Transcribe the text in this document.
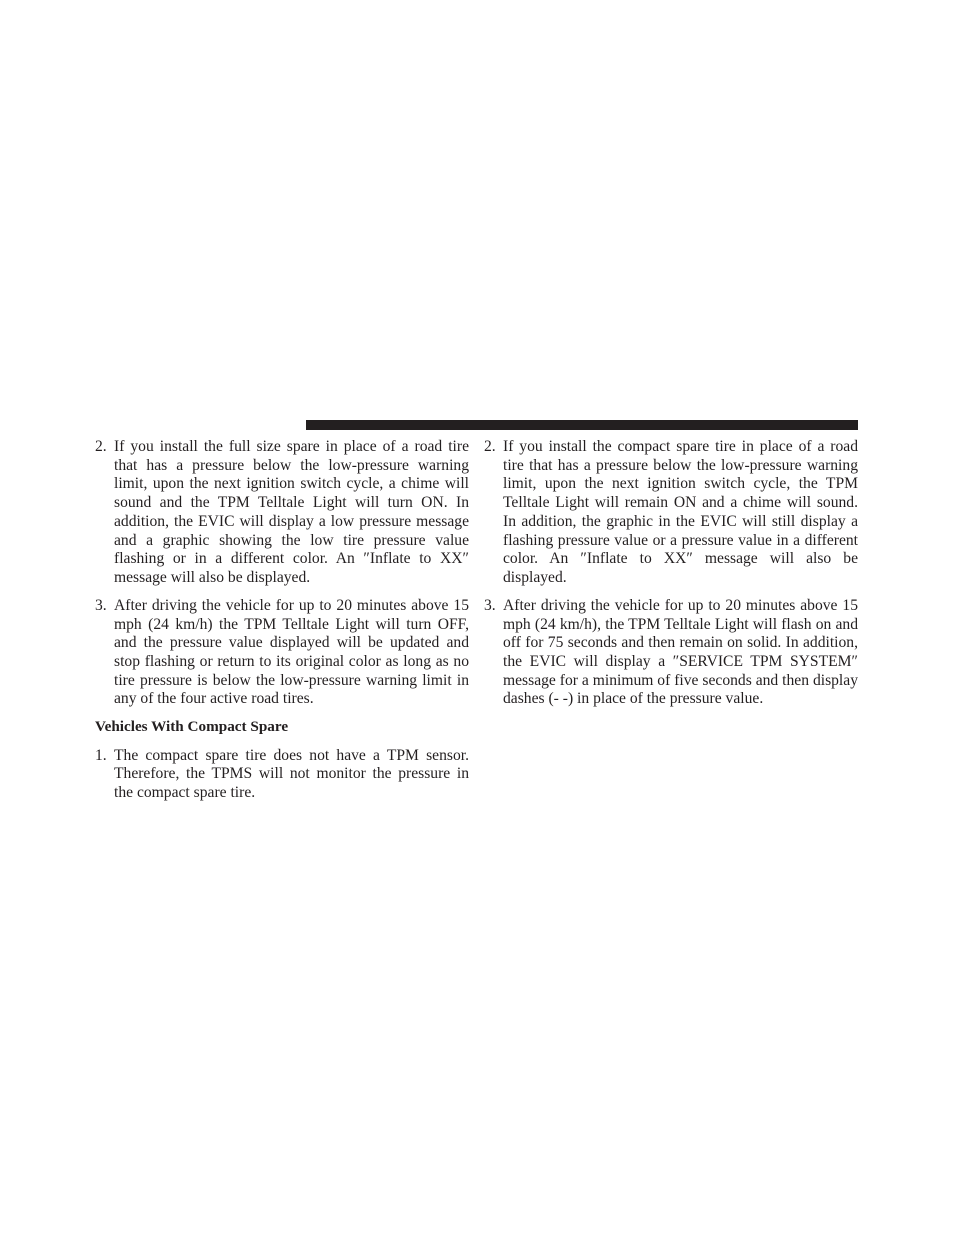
2. If you install the full size spare in place of a road tire that has a pressure below the low-pressure warning limit, upon the next ignition switch cycle, a chime will sound and the TPM Telltale Light will turn ON. In addition, the EVIC will display a low pressure message and a graphic showing the low tire pressure value flashing or in a different color. An ″Inflate to XX″ message will also be displayed.
3. After driving the vehicle for up to 20 minutes above 15 mph (24 km/h) the TPM Telltale Light will turn OFF, and the pressure value displayed will be updated and stop flashing or return to its original color as long as no tire pressure is below the low-pressure warning limit in any of the four active road tires.
Vehicles With Compact Spare
1. The compact spare tire does not have a TPM sensor. Therefore, the TPMS will not monitor the pressure in the compact spare tire.
2. If you install the compact spare tire in place of a road tire that has a pressure below the low-pressure warning limit, upon the next ignition switch cycle, the TPM Telltale Light will remain ON and a chime will sound. In addition, the graphic in the EVIC will still display a flashing pressure value or a pressure value in a different color. An ″Inflate to XX″ message will also be displayed.
3. After driving the vehicle for up to 20 minutes above 15 mph (24 km/h), the TPM Telltale Light will flash on and off for 75 seconds and then remain on solid. In addition, the EVIC will display a ″SERVICE TPM SYSTEM″ message for a minimum of five seconds and then display dashes (- -) in place of the pressure value.
